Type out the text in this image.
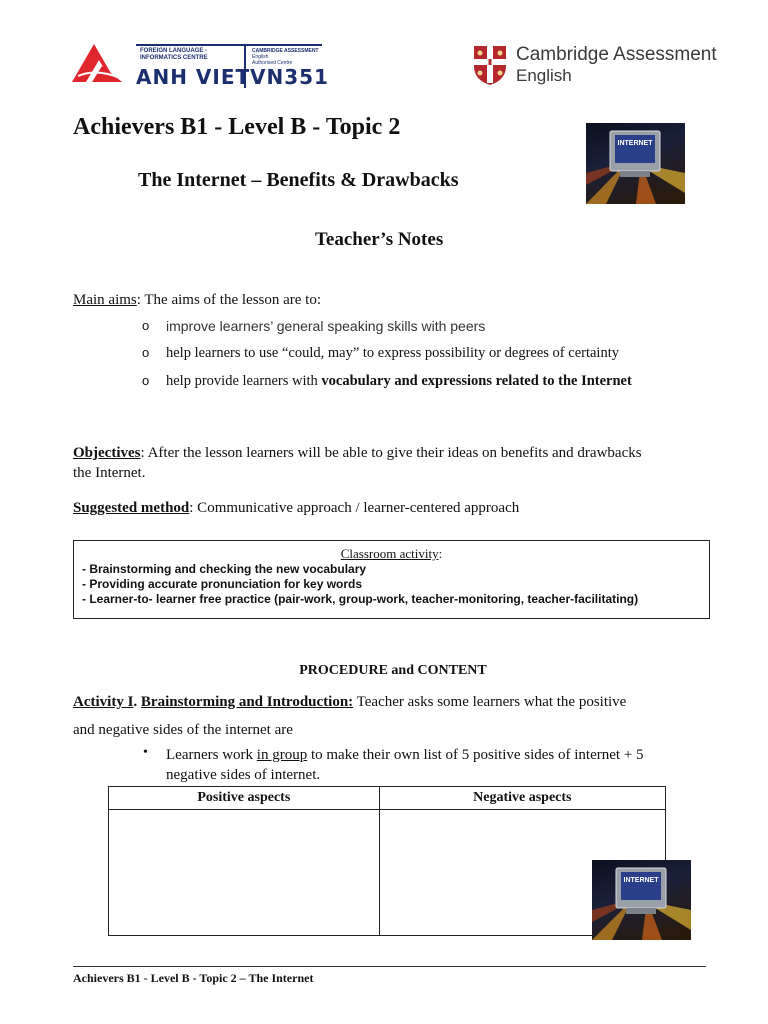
FOREIGN LANGUAGE -
INFORMATICS CENTRE
CAMBRIDGE ASSESSMENT
English
Authorised Centre
ANH VIET VN351
Cambridge Assessment
English
Achievers B1 - Level B - Topic 2
The Internet – Benefits & Drawbacks
Teacher’s Notes
INTERNET
Main aims: The aims of the lesson are to:
o improve learners’ general speaking skills with peers
o help learners to use “could, may” to express possibility or degrees of certainty
o help provide learners with vocabulary and expressions related to the Internet
Objectives: After the lesson learners will be able to give their ideas on benefits and drawbacks
the Internet.
Suggested method: Communicative approach / learner-centered approach
Classroom activity:
- Brainstorming and checking the new vocabulary
- Providing accurate pronunciation for key words
- Learner-to- learner free practice (pair-work, group-work, teacher-monitoring, teacher-facilitating)
PROCEDURE and CONTENT
Activity I. Brainstorming and Introduction: Teacher asks some learners what the positive
and negative sides of the internet are
• Learners work in group to make their own list of 5 positive sides of internet + 5
negative sides of internet.
Positive aspects	Negative aspects

INTERNET
Achievers B1 - Level B - Topic 2 – The Internet
